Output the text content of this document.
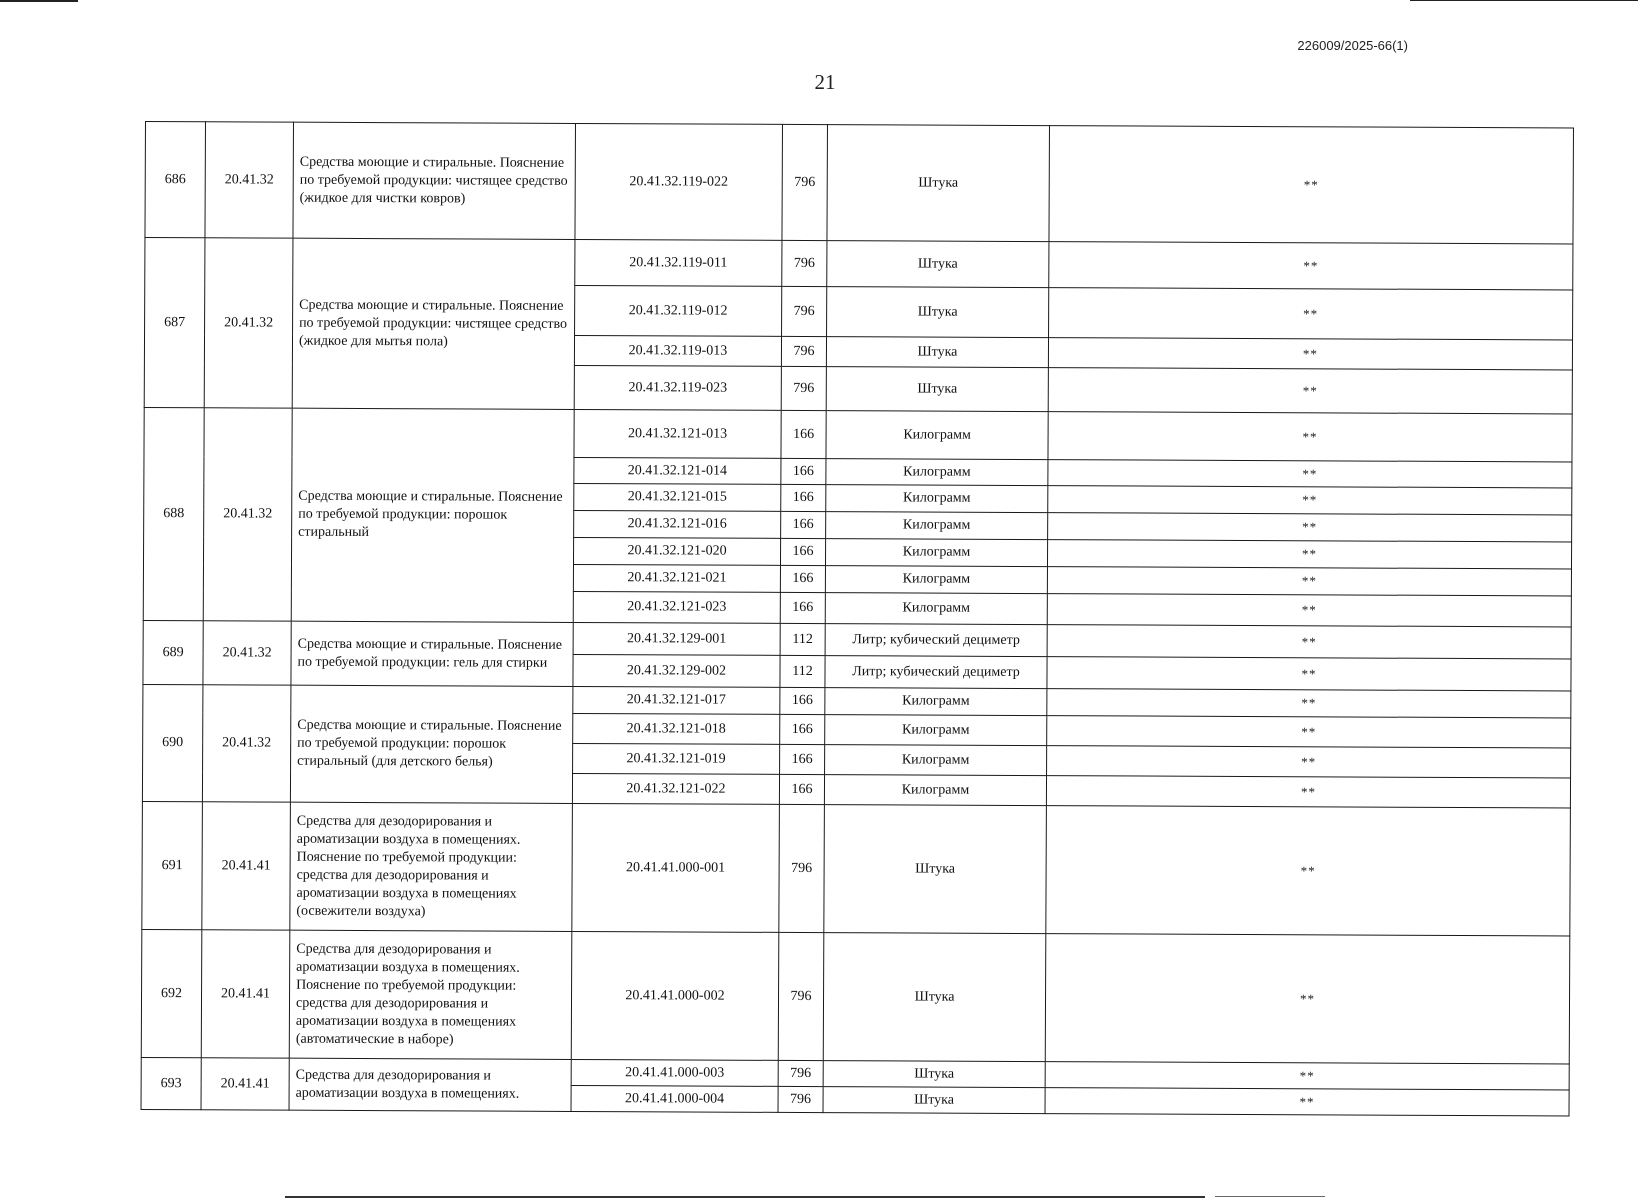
226009/2025-66(1)
21
686	20.41.32	Средства моющие и стиральные. Пояснение по требуемой продукции: чистящее средство (жидкое для чистки ковров)	20.41.32.119-022	796	Штука	**
687	20.41.32	Средства моющие и стиральные. Пояснение по требуемой продукции: чистящее средство (жидкое для мытья пола)	20.41.32.119-011	796	Штука	**
			20.41.32.119-012	796	Штука	**
			20.41.32.119-013	796	Штука	**
			20.41.32.119-023	796	Штука	**
688	20.41.32	Средства моющие и стиральные. Пояснение по требуемой продукции: порошок стиральный	20.41.32.121-013	166	Килограмм	**
			20.41.32.121-014	166	Килограмм	**
			20.41.32.121-015	166	Килограмм	**
			20.41.32.121-016	166	Килограмм	**
			20.41.32.121-020	166	Килограмм	**
			20.41.32.121-021	166	Килограмм	**
			20.41.32.121-023	166	Килограмм	**
689	20.41.32	Средства моющие и стиральные. Пояснение по требуемой продукции: гель для стирки	20.41.32.129-001	112	Литр; кубический дециметр	**
			20.41.32.129-002	112	Литр; кубический дециметр	**
690	20.41.32	Средства моющие и стиральные. Пояснение по требуемой продукции: порошок стиральный (для детского белья)	20.41.32.121-017	166	Килограмм	**
			20.41.32.121-018	166	Килограмм	**
			20.41.32.121-019	166	Килограмм	**
			20.41.32.121-022	166	Килограмм	**
691	20.41.41	Средства для дезодорирования и ароматизации воздуха в помещениях. Пояснение по требуемой продукции: средства для дезодорирования и ароматизации воздуха в помещениях (освежители воздуха)	20.41.41.000-001	796	Штука	**
692	20.41.41	Средства для дезодорирования и ароматизации воздуха в помещениях. Пояснение по требуемой продукции: средства для дезодорирования и ароматизации воздуха в помещениях (автоматические в наборе)	20.41.41.000-002	796	Штука	**
693	20.41.41	Средства для дезодорирования и ароматизации воздуха в помещениях.	20.41.41.000-003	796	Штука	**
			20.41.41.000-004	796	Штука	**
